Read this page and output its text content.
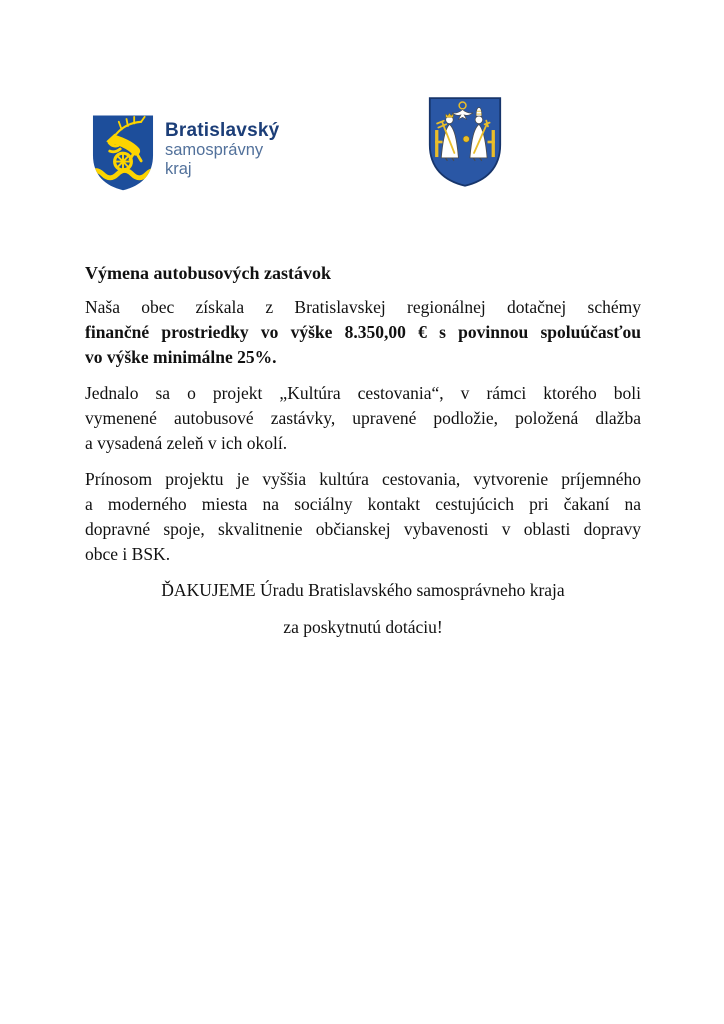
Bratislavský
samosprávny
kraj

Výmena autobusových zastávok

Naša obec získala z Bratislavskej regionálnej dotačnej schémy
finančné prostriedky vo výške 8.350,00 € s povinnou spoluúčasťou
vo výške minimálne 25%.
Jednalo sa o projekt „Kultúra cestovania“, v rámci ktorého boli
vymenené autobusové zastávky, upravené podložie, položená dlažba
a vysadená zeleň v ich okolí.
Prínosom projektu je vyššia kultúra cestovania, vytvorenie príjemného
a moderného miesta na sociálny kontakt cestujúcich pri čakaní na
dopravné spoje, skvalitnenie občianskej vybavenosti v oblasti dopravy
obce i BSK.

ĎAKUJEME Úradu Bratislavského samosprávneho kraja

za poskytnutú dotáciu!
